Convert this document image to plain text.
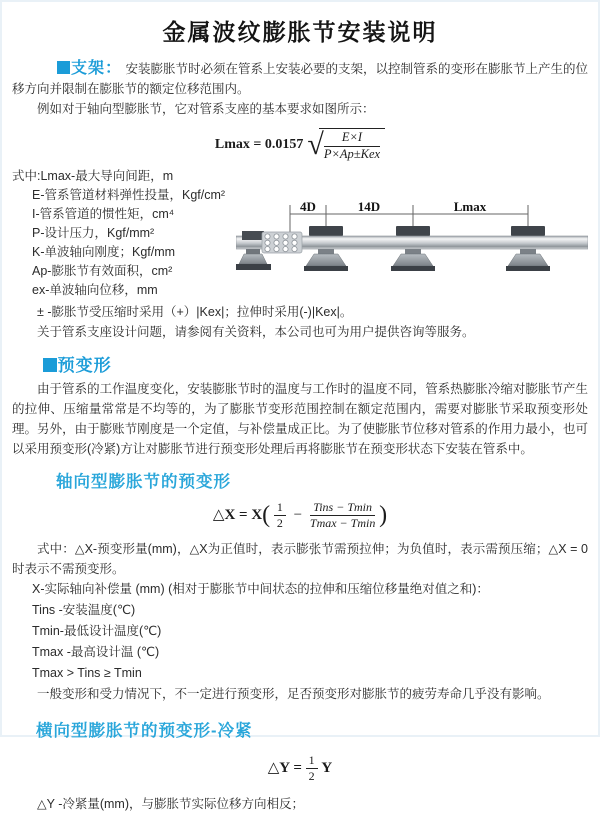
金属波纹膨胀节安装说明

支架： 安装膨胀节时必须在管系上安装必要的支架，以控制管系的变形在膨胀节上产生的位移方向并限制在膨胀节的额定位移范围内。

例如对于轴向型膨胀节，它对管系支座的基本要求如图所示：

Lmax = 0.0157 √ $\frac{E\times I}{\text{P×Ap±Kex}}$
式中:Lmax-最大导向间距，m
E-管系管道材料弹性投量，Kgf/cm²
I-管系管道的惯性矩，cm⁴
P-设计压力，Kgf/mm²
K-单波轴向刚度；Kgf/mm
Ap-膨胀节有效面积，cm²
ex-单波轴向位移，mm
4D	14D	Lmax

± -膨胀节受压缩时采用（+）|Kex|；拉伸时采用(-)|Kex|。

关于管系支座设计问题，请参阅有关资料，本公司也可为用户提供咨询等服务。

预变形

由于管系的工作温度变化，安装膨胀节时的温度与工作时的温度不同，管系热膨胀冷缩对膨胀节产生的拉伸、压缩量常常是不均等的，为了膨胀节变形范围控制在额定范围内，需要对膨胀节采取预变形处理。另外，由于膨账节刚度是一个定值，与补偿量成正比。为了使膨胀节位移对管系的作用力最小，也可以采用预变形(冷紧)方让对膨胀节进行预变形处理后再将膨胀节在预变形状态下安装在管系中。

轴向型膨胀节的预变形
△X = $X( \frac{1}{2} - \frac{\text{Tins − Tmin}}{Tmax - Tmin}$ )

式中：△X-预变形量(mm)，△X为正值时，表示膨张节需预拉伸；为负值时，表示需预压缩；△X = 0时表示不需预变形。

X-实际轴向补偿量 (mm) (相对于膨胀节中间状态的拉伸和压缩位移量绝对值之和)：
Tins -安装温度(℃)
Tmin-最低设计温度(℃)
Tmax -最高设计温 (℃)
Tmax > Tins ≥ Tmin

一般变形和受力情况下，不一定进行预变形，足否预变形对膨胀节的疲劳寿命几乎没有影响。

横向型膨胀节的预变形-冷紧
△Y = $\frac{1}{2}$ Y

△Y -冷紧量(mm)，与膨胀节实际位移方向相反；
